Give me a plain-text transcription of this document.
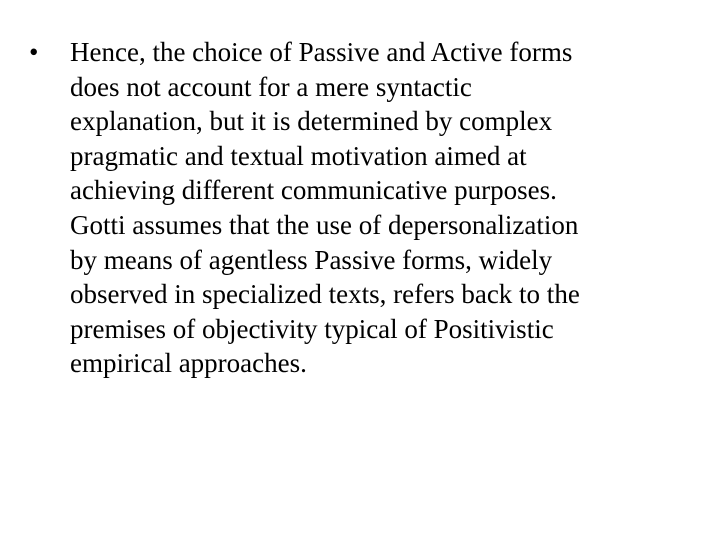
•	Hence, the choice of Passive and Active forms
does not account for a mere syntactic
explanation, but it is determined by complex
pragmatic and textual motivation aimed at
achieving different communicative purposes.
Gotti assumes that the use of depersonalization
by means of agentless Passive forms, widely
observed in specialized texts, refers back to the
premises of objectivity typical of Positivistic
empirical approaches.
